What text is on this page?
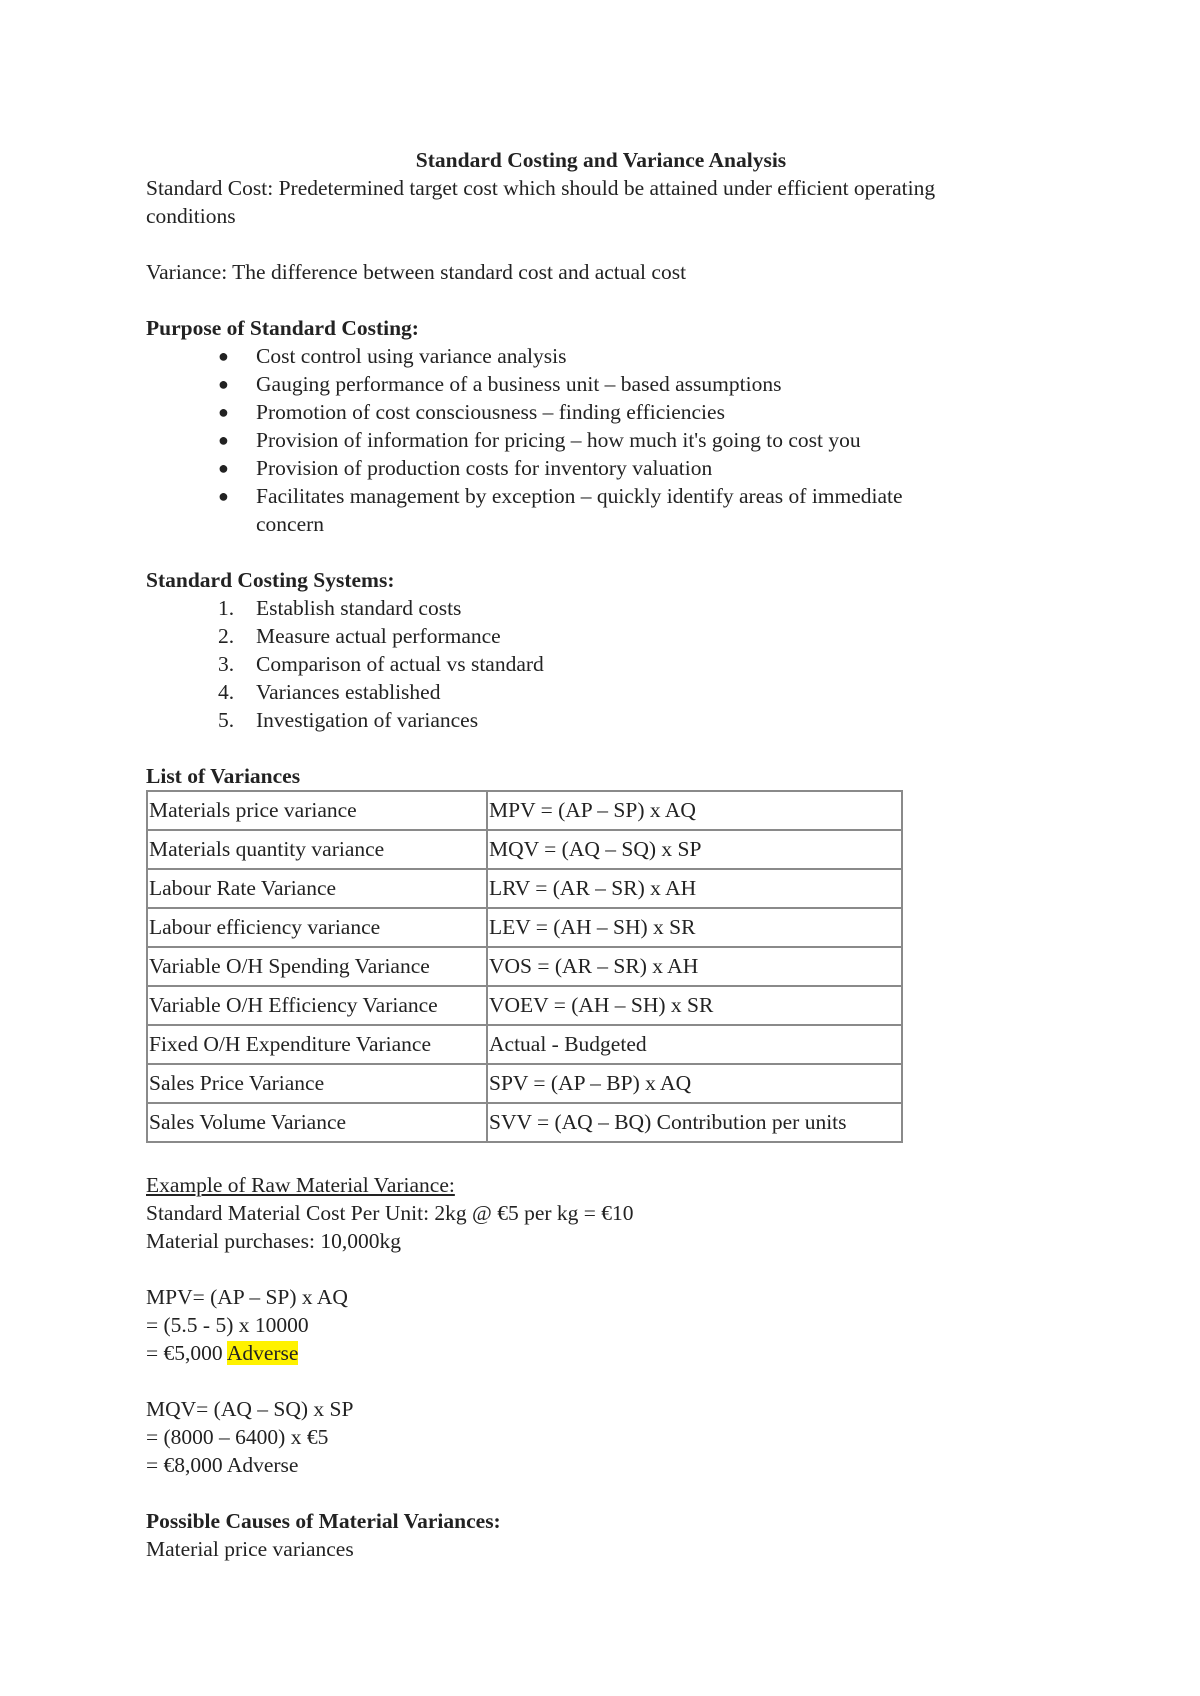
Standard Costing and Variance Analysis
Standard Cost: Predetermined target cost which should be attained under efficient operating
conditions
Variance: The difference between standard cost and actual cost
Purpose of Standard Costing:
● Cost control using variance analysis
● Gauging performance of a business unit – based assumptions
● Promotion of cost consciousness – finding efficiencies
● Provision of information for pricing – how much it's going to cost you
● Provision of production costs for inventory valuation
● Facilitates management by exception – quickly identify areas of immediate
concern
Standard Costing Systems:
1. Establish standard costs
2. Measure actual performance
3. Comparison of actual vs standard
4. Variances established
5. Investigation of variances
List of Variances
Materials price variance	MPV = (AP – SP) x AQ
Materials quantity variance	MQV = (AQ – SQ) x SP
Labour Rate Variance	LRV = (AR – SR) x AH
Labour efficiency variance	LEV = (AH – SH) x SR
Variable O/H Spending Variance	VOS = (AR – SR) x AH
Variable O/H Efficiency Variance	VOEV = (AH – SH) x SR
Fixed O/H Expenditure Variance	Actual - Budgeted
Sales Price Variance	SPV = (AP – BP) x AQ
Sales Volume Variance	SVV = (AQ – BQ) Contribution per units
Example of Raw Material Variance:
Standard Material Cost Per Unit: 2kg @ €5 per kg = €10
Material purchases: 10,000kg
MPV= (AP – SP) x AQ
= (5.5 - 5) x 10000
= €5,000 Adverse
MQV= (AQ – SQ) x SP
= (8000 – 6400) x €5
= €8,000 Adverse
Possible Causes of Material Variances:
Material price variances
